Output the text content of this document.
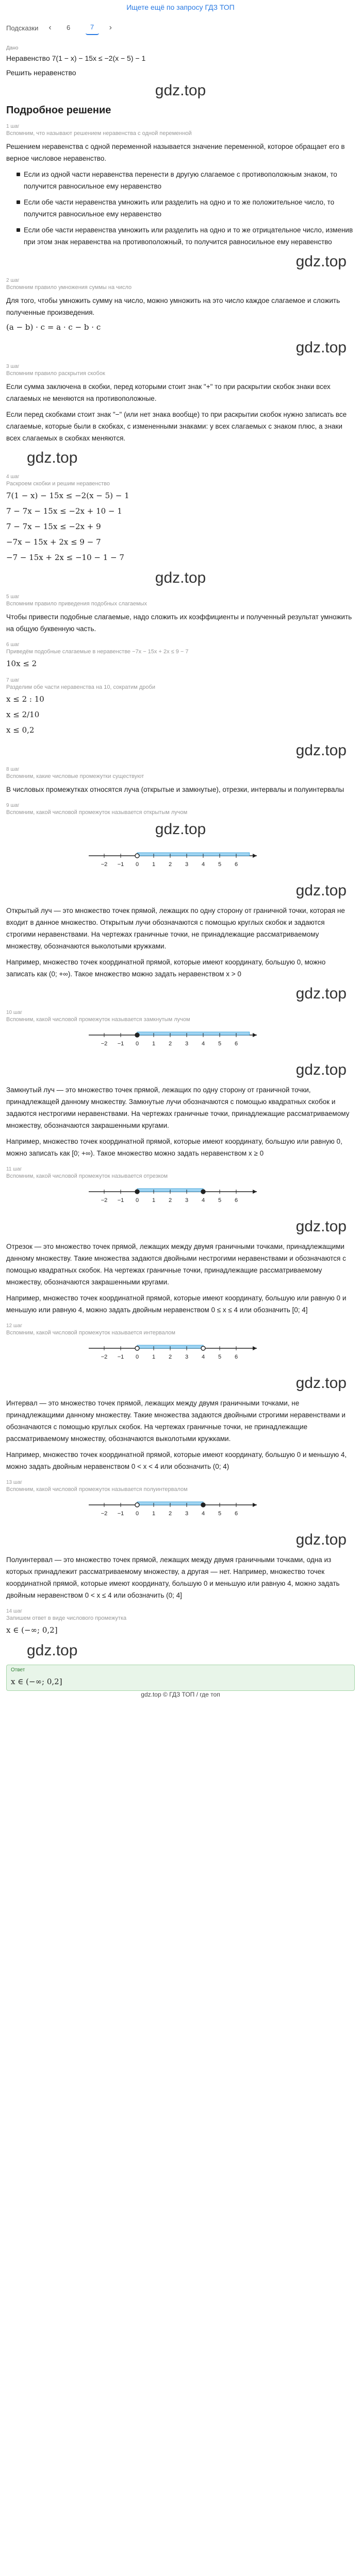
Ищете ещё по запросу ГДЗ ТОП
Подсказки ‹	6	7	›
Дано
Неравенство 7(1 − x) − 15x ≤ −2(x − 5) − 1
Решить неравенство
gdz.top
Подробное решение
1 шаг
Вспомним, что называют решением неравенства с одной переменной
Решением неравенства с одной переменной называется значение переменной, которое обращает его в верное числовое неравенство.
Если из одной части неравенства перенести в другую слагаемое с противоположным знаком, то получится равносильное ему неравенство
Если обе части неравенства умножить или разделить на одно и то же положительное число, то получится равносильное ему неравенство
Если обе части неравенства умножить или разделить на одно и то же отрицательное число, изменив при этом знак неравенства на противоположный, то получится равносильное ему неравенство
gdz.top
2 шаг
Вспомним правило умножения суммы на число
Для того, чтобы умножить сумму на число, можно умножить на это число каждое слагаемое и сложить полученные произведения.
(a − b) · c = a · c − b · c
gdz.top
3 шаг
Вспомним правило раскрытия скобок
Если сумма заключена в скобки, перед которыми стоит знак "+" то при раскрытии скобок знаки всех слагаемых не меняются на противоположные.
Если перед скобками стоит знак "−" (или нет знака вообще) то при раскрытии скобок нужно записать все слагаемые, которые были в скобках, с измененными знаками: у всех слагаемых с знаком плюс, а знаки всех слагаемых в скобках меняются.
gdz.top
4 шаг
Раскроем скобки и решим неравенство
7(1 − x) − 15x ≤ −2(x − 5) − 1
7 − 7x − 15x ≤ −2x + 10 − 1
7 − 7x − 15x ≤ −2x + 9
−7x − 15x + 2x ≤ 9 − 7
−7 − 15x + 2x ≤ −10 − 1 − 7
gdz.top
5 шаг
Вспомним правило приведения подобных слагаемых
Чтобы привести подобные слагаемые, надо сложить их коэффициенты и полученный результат умножить на общую буквенную часть.
6 шаг
Приведём подобные слагаемые в неравенстве −7x − 15x + 2x ≤ 9 − 7
10x ≤ 2
7 шаг
Разделим обе части неравенства на 10, сократим дроби
x ≤ 2 : 10
x ≤ 2/10
x ≤ 0,2
gdz.top
8 шаг
Вспомним, какие числовые промежутки существуют
В числовых промежутках относятся луча (открытые и замкнутые), отрезки, интервалы и полуинтервалы
9 шаг
Вспомним, какой числовой промежуток называется открытым лучом
gdz.top
−2 −1 0 1 2 3 4 5 6
gdz.top
Открытый луч — это множество точек прямой, лежащих по одну сторону от граничной точки, которая не входит в данное множество. Открытым лучи обозначаются с помощью круглых скобок и задаются строгими неравенствами. На чертежах граничные точки, не принадлежащие рассматриваемому множеству, обозначаются выколотыми кружками.
Например, множество точек координатной прямой, которые имеют координату, большую 0, можно записать как (0; +∞). Такое множество можно задать неравенством x > 0
gdz.top
10 шаг
Вспомним, какой числовой промежуток называется замкнутым лучом
−2 −1 0 1 2 3 4 5 6
gdz.top
Замкнутый луч — это множество точек прямой, лежащих по одну сторону от граничной точки, принадлежащей данному множеству. Замкнутые лучи обозначаются с помощью квадратных скобок и задаются нестрогими неравенствами. На чертежах граничные точки, принадлежащие рассматриваемому множеству, обозначаются закрашенными кругами.
Например, множество точек координатной прямой, которые имеют координату, большую или равную 0, можно записать как [0; +∞). Такое множество можно задать неравенством x ≥ 0
11 шаг
Вспомним, какой числовой промежуток называется отрезком
−2 −1 0 1 2 3 4 5 6
gdz.top
Отрезок — это множество точек прямой, лежащих между двумя граничными точками, принадлежащими данному множеству. Такие множества задаются двойными нестрогими неравенствами и обозначаются с помощью квадратных скобок. На чертежах граничные точки, принадлежащие рассматриваемому множеству, обозначаются закрашенными кругами.
Например, множество точек координатной прямой, которые имеют координату, большую или равную 0 и меньшую или равную 4, можно задать двойным неравенством 0 ≤ x ≤ 4 или обозначить [0; 4]
12 шаг
Вспомним, какой числовой промежуток называется интервалом
−2 −1 0 1 2 3 4 5 6
gdz.top
Интервал — это множество точек прямой, лежащих между двумя граничными точками, не принадлежащими данному множеству. Такие множества задаются двойными строгими неравенствами и обозначаются с помощью круглых скобок. На чертежах граничные точки, не принадлежащие рассматриваемому множеству, обозначаются выколотыми кружками.
Например, множество точек координатной прямой, которые имеют координату, большую 0 и меньшую 4, можно задать двойным неравенством 0 < x < 4 или обозначить (0; 4)
13 шаг
Вспомним, какой числовой промежуток называется полуинтервалом
−2 −1 0 1 2 3 4 5 6
gdz.top
Полуинтервал — это множество точек прямой, лежащих между двумя граничными точками, одна из которых принадлежит рассматриваемому множеству, а другая — нет. Например, множество точек координатной прямой, которые имеют координату, большую 0 и меньшую или равную 4, можно задать двойным неравенством 0 < x ≤ 4 или обозначить (0; 4]
14 шаг
Запишем ответ в виде числового промежутка
x ∈ (−∞; 0,2]
gdz.top
Ответ
x ∈ (−∞; 0,2]
gdz.top © ГДЗ ТОП / где топ
